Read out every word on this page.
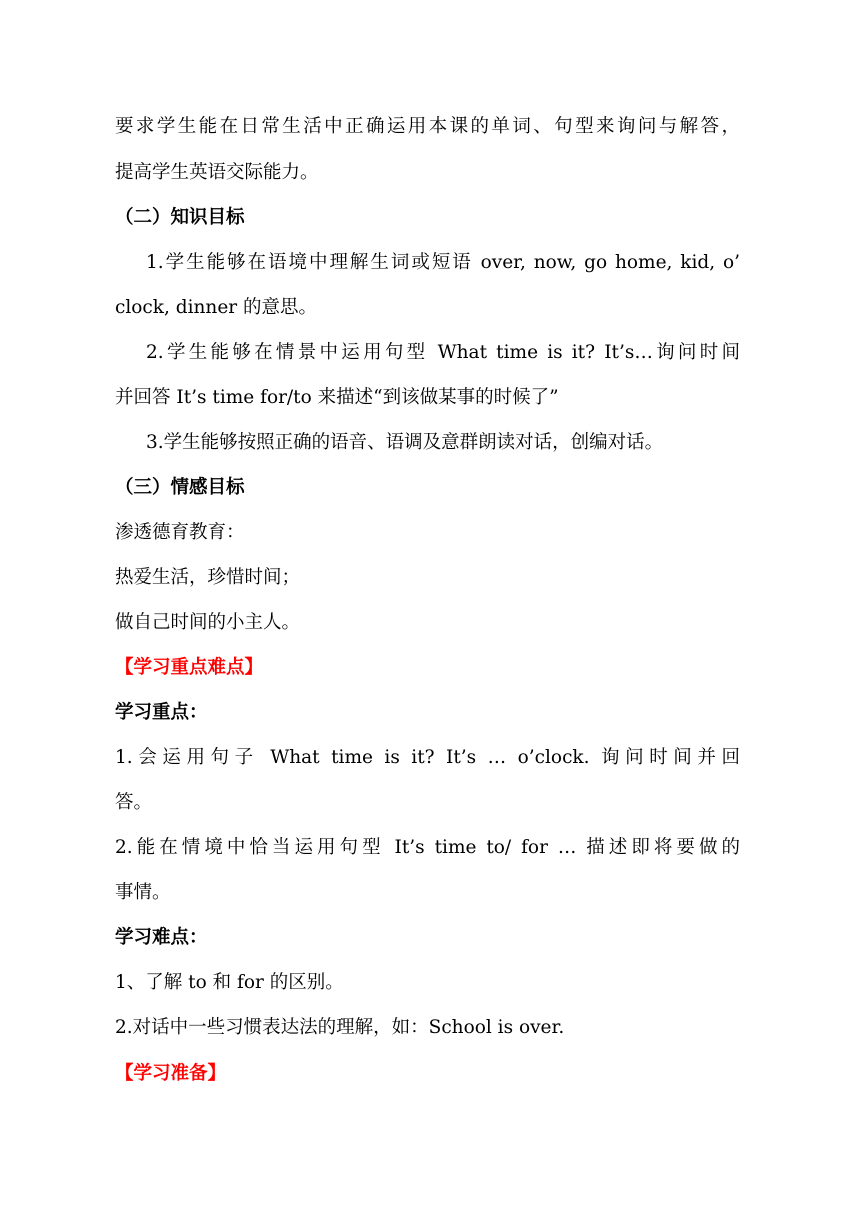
要求学生能在日常生活中正确运用本课的单词、句型来询问与解答，
提高学生英语交际能力。
（二）知识目标
1.学生能够在语境中理解生词或短语 over, now, go home, kid, o’
clock, dinner 的意思。
2.学生能够在情景中运用句型 What time is it? It’s…询问时间
并回答 It’s time for/to 来描述“到该做某事的时候了”
3.学生能够按照正确的语音、语调及意群朗读对话，创编对话。
（三）情感目标
渗透德育教育：
热爱生活，珍惜时间；
做自己时间的小主人。
【学习重点难点】
学习重点：
1.会运用句子 What time is it? It’s … o’clock. 询问时间并回
答。
2.能在情境中恰当运用句型 It’s time to/ for … 描述即将要做的
事情。
学习难点：
1、了解 to 和 for 的区别。
2.对话中一些习惯表达法的理解，如：School is over.
【学习准备】
